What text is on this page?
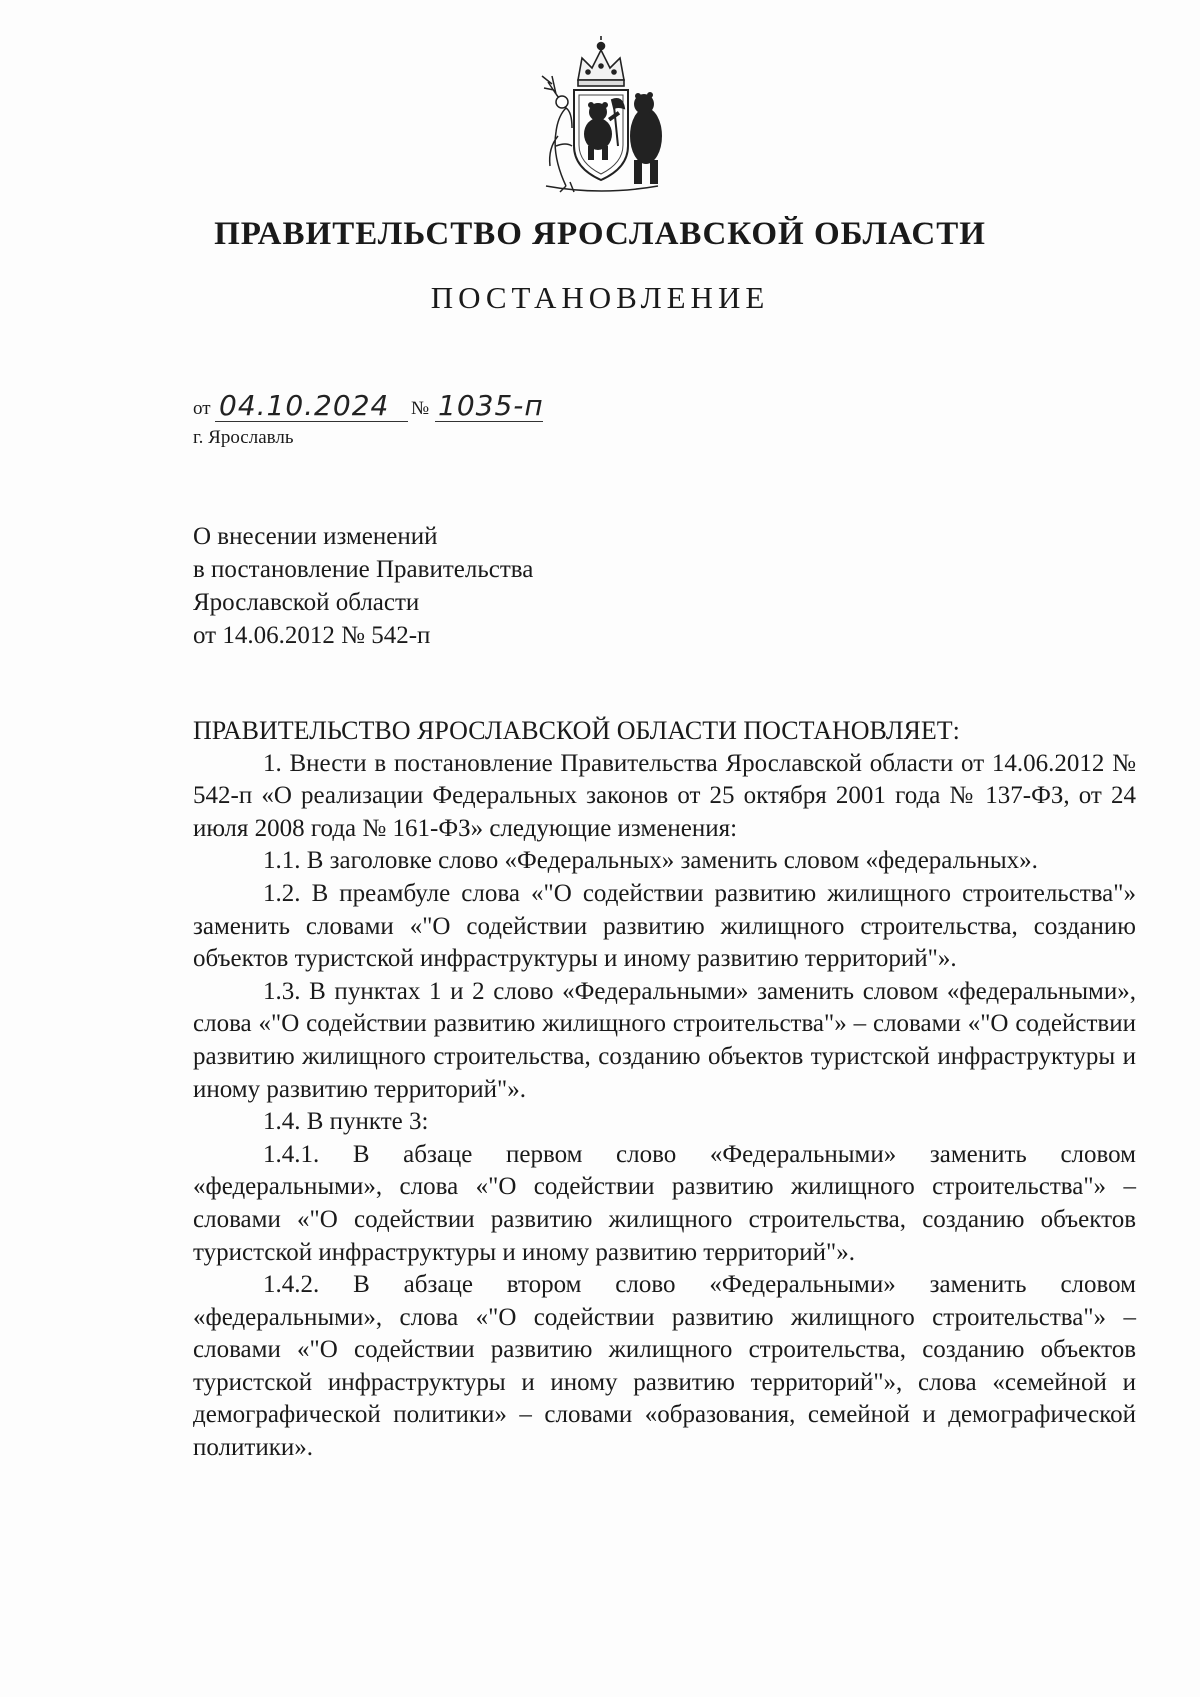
ПРАВИТЕЛЬСТВО ЯРОСЛАВСКОЙ ОБЛАСТИ
ПОСТАНОВЛЕНИЕ
от 04.10.2024 № 1035-п
г. Ярославль
О внесении изменений
в постановление Правительства
Ярославской области
от 14.06.2012 № 542-п
ПРАВИТЕЛЬСТВО ЯРОСЛАВСКОЙ ОБЛАСТИ ПОСТАНОВЛЯЕТ:

1. Внести в постановление Правительства Ярославской области от 14.06.2012 № 542-п «О реализации Федеральных законов от 25 октября 2001 года № 137-ФЗ, от 24 июля 2008 года № 161-ФЗ» следующие изменения:

1.1. В заголовке слово «Федеральных» заменить словом «федеральных».

1.2. В преамбуле слова «"О содействии развитию жилищного строительства"» заменить словами «"О содействии развитию жилищного строительства, созданию объектов туристской инфраструктуры и иному развитию территорий"».

1.3. В пунктах 1 и 2 слово «Федеральными» заменить словом «федеральными», слова «"О содействии развитию жилищного строительства"» – словами «"О содействии развитию жилищного строительства, созданию объектов туристской инфраструктуры и иному развитию территорий"».

1.4. В пункте 3:

1.4.1. В абзаце первом слово «Федеральными» заменить словом «федеральными», слова «"О содействии развитию жилищного строительства"» – словами «"О содействии развитию жилищного строительства, созданию объектов туристской инфраструктуры и иному развитию территорий"».

1.4.2. В абзаце втором слово «Федеральными» заменить словом «федеральными», слова «"О содействии развитию жилищного строительства"» – словами «"О содействии развитию жилищного строительства, созданию объектов туристской инфраструктуры и иному развитию территорий"», слова «семейной и демографической политики» – словами «образования, семейной и демографической политики».
